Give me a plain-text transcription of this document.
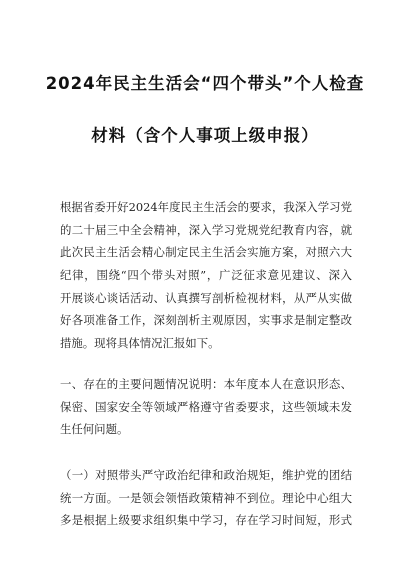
2024年民主生活会“四个带头”个人检查
材料（含个人事项上级申报）
根据省委开好2024年度民主生活会的要求，我深入学习党
的二十届三中全会精神，深入学习党规党纪教育内容，就
此次民主生活会精心制定民主生活会实施方案，对照六大
纪律，围绕“四个带头对照”，广泛征求意见建议、深入
开展谈心谈话活动、认真撰写剖析检视材料，从严从实做
好各项准备工作，深刻剖析主观原因，实事求是制定整改
措施。现将具体情况汇报如下。
一、存在的主要问题情况说明：本年度本人在意识形态、
保密、国家安全等领域严格遵守省委要求，这些领域未发
生任何问题。
（一）对照带头严守政治纪律和政治规矩，维护党的团结
统一方面。一是领会领悟政策精神不到位。理论中心组大
多是根据上级要求组织集中学习，存在学习时间短，形式
